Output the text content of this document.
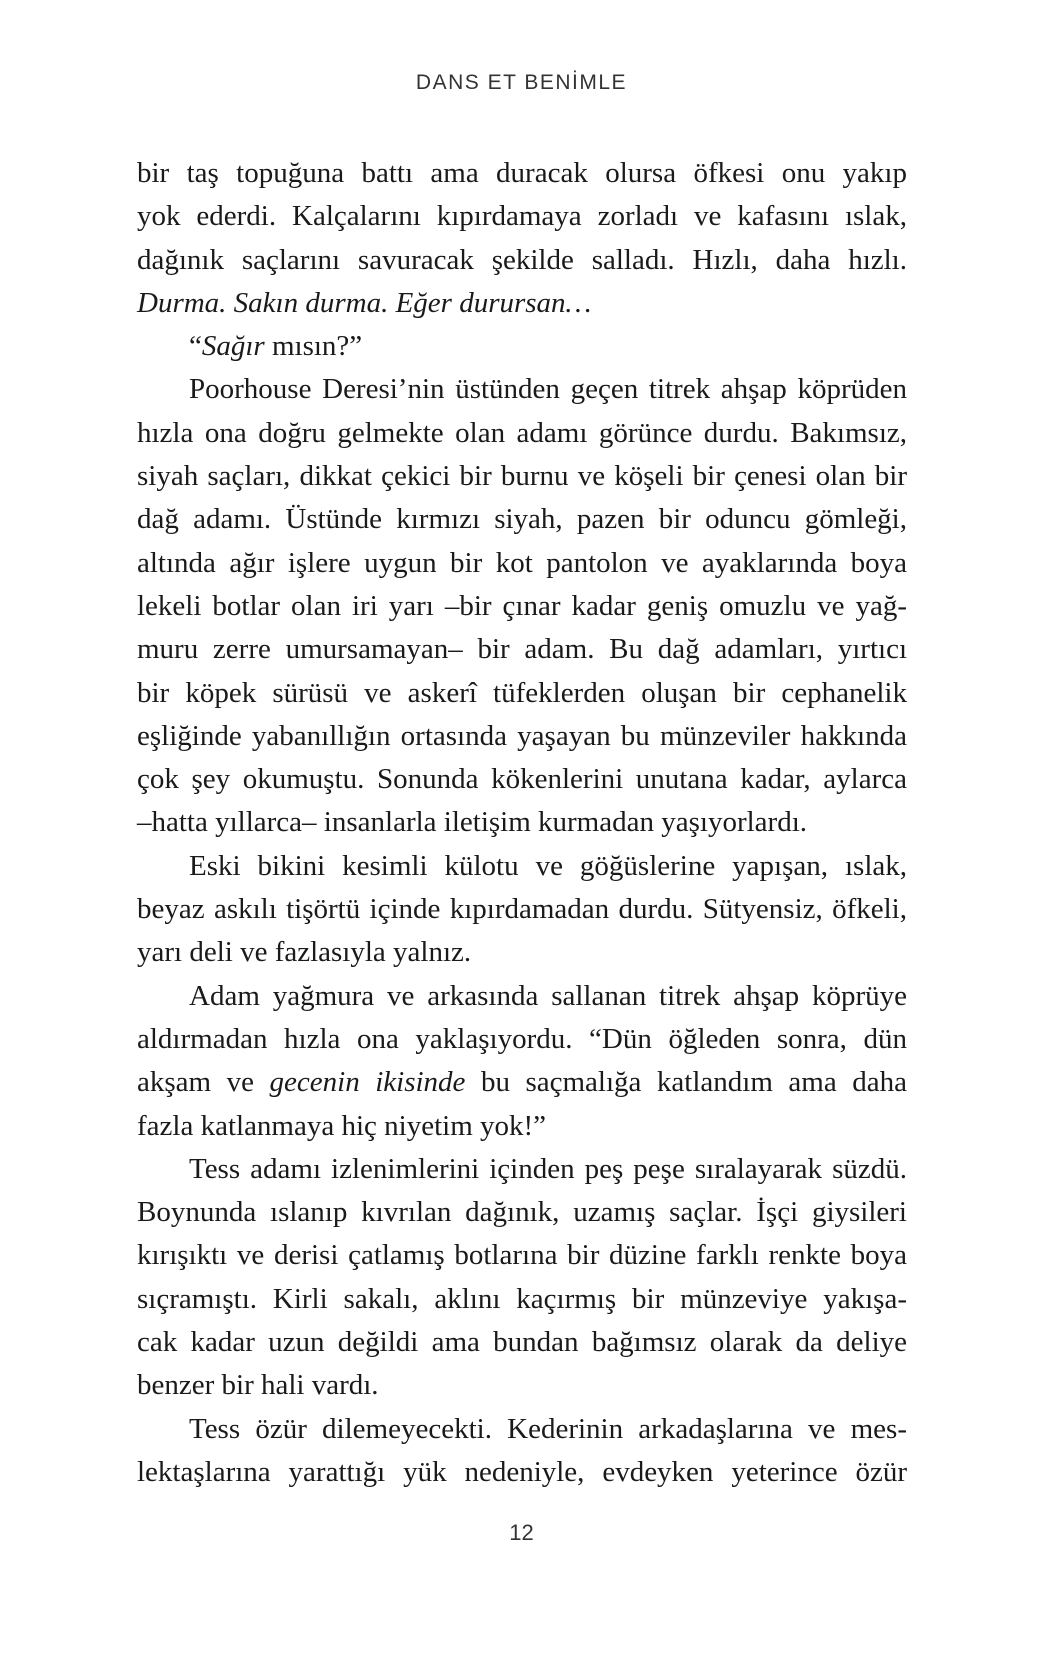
DANS ET BENİMLE
bir taş topuğuna battı ama duracak olursa öfkesi onu yakıp
yok ederdi. Kalçalarını kıpırdamaya zorladı ve kafasını ıslak,
dağınık saçlarını savuracak şekilde salladı. Hızlı, daha hızlı.
Durma. Sakın durma. Eğer durursan…
“Sağır mısın?”
Poorhouse Deresi’nin üstünden geçen titrek ahşap köprüden
hızla ona doğru gelmekte olan adamı görünce durdu. Bakımsız,
siyah saçları, dikkat çekici bir burnu ve köşeli bir çenesi olan bir
dağ adamı. Üstünde kırmızı siyah, pazen bir oduncu gömleği,
altında ağır işlere uygun bir kot pantolon ve ayaklarında boya
lekeli botlar olan iri yarı –bir çınar kadar geniş omuzlu ve yağ-
muru zerre umursamayan– bir adam. Bu dağ adamları, yırtıcı
bir köpek sürüsü ve askerî tüfeklerden oluşan bir cephanelik
eşliğinde yabanıllığın ortasında yaşayan bu münzeviler hakkında
çok şey okumuştu. Sonunda kökenlerini unutana kadar, aylarca
–hatta yıllarca– insanlarla iletişim kurmadan yaşıyorlardı.
Eski bikini kesimli külotu ve göğüslerine yapışan, ıslak,
beyaz askılı tişörtü içinde kıpırdamadan durdu. Sütyensiz, öfkeli,
yarı deli ve fazlasıyla yalnız.
Adam yağmura ve arkasında sallanan titrek ahşap köprüye
aldırmadan hızla ona yaklaşıyordu. “Dün öğleden sonra, dün
akşam ve gecenin ikisinde bu saçmalığa katlandım ama daha
fazla katlanmaya hiç niyetim yok!”
Tess adamı izlenimlerini içinden peş peşe sıralayarak süzdü.
Boynunda ıslanıp kıvrılan dağınık, uzamış saçlar. İşçi giysileri
kırışıktı ve derisi çatlamış botlarına bir düzine farklı renkte boya
sıçramıştı. Kirli sakalı, aklını kaçırmış bir münzeviye yakışa-
cak kadar uzun değildi ama bundan bağımsız olarak da deliye
benzer bir hali vardı.
Tess özür dilemeyecekti. Kederinin arkadaşlarına ve mes-
lektaşlarına yarattığı yük nedeniyle, evdeyken yeterince özür
12
